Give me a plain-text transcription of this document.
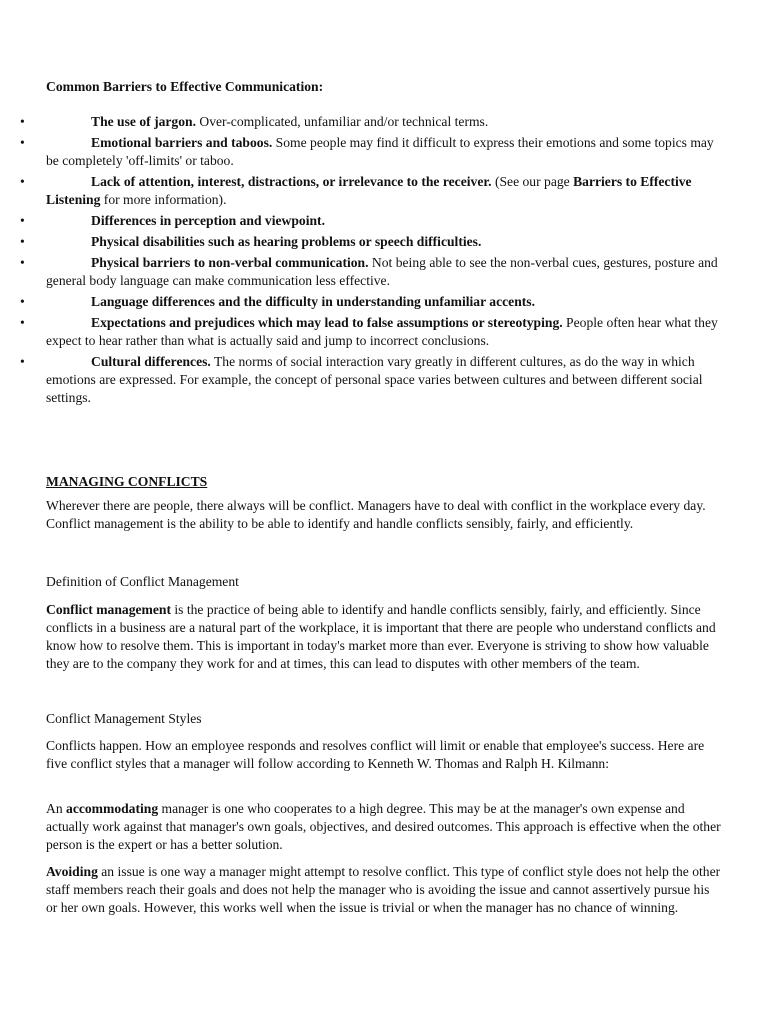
Common Barriers to Effective Communication:
•	The use of jargon. Over-complicated, unfamiliar and/or technical terms.
•	Emotional barriers and taboos. Some people may find it difficult to express their emotions and some topics may be completely 'off-limits' or taboo.
•	Lack of attention, interest, distractions, or irrelevance to the receiver. (See our page Barriers to Effective Listening for more information).
•	Differences in perception and viewpoint.
•	Physical disabilities such as hearing problems or speech difficulties.
•	Physical barriers to non-verbal communication. Not being able to see the non-verbal cues, gestures, posture and general body language can make communication less effective.
•	Language differences and the difficulty in understanding unfamiliar accents.
•	Expectations and prejudices which may lead to false assumptions or stereotyping. People often hear what they expect to hear rather than what is actually said and jump to incorrect conclusions.
•	Cultural differences. The norms of social interaction vary greatly in different cultures, as do the way in which emotions are expressed. For example, the concept of personal space varies between cultures and between different social settings.
MANAGING CONFLICTS

Wherever there are people, there always will be conflict. Managers have to deal with conflict in the workplace every day. Conflict management is the ability to be able to identify and handle conflicts sensibly, fairly, and efficiently.

Definition of Conflict Management

Conflict management is the practice of being able to identify and handle conflicts sensibly, fairly, and efficiently. Since conflicts in a business are a natural part of the workplace, it is important that there are people who understand conflicts and know how to resolve them. This is important in today's market more than ever. Everyone is striving to show how valuable they are to the company they work for and at times, this can lead to disputes with other members of the team.

Conflict Management Styles

Conflicts happen. How an employee responds and resolves conflict will limit or enable that employee's success. Here are five conflict styles that a manager will follow according to Kenneth W. Thomas and Ralph H. Kilmann:

An accommodating manager is one who cooperates to a high degree. This may be at the manager's own expense and actually work against that manager's own goals, objectives, and desired outcomes. This approach is effective when the other person is the expert or has a better solution.

Avoiding an issue is one way a manager might attempt to resolve conflict. This type of conflict style does not help the other staff members reach their goals and does not help the manager who is avoiding the issue and cannot assertively pursue his or her own goals. However, this works well when the issue is trivial or when the manager has no chance of winning.
